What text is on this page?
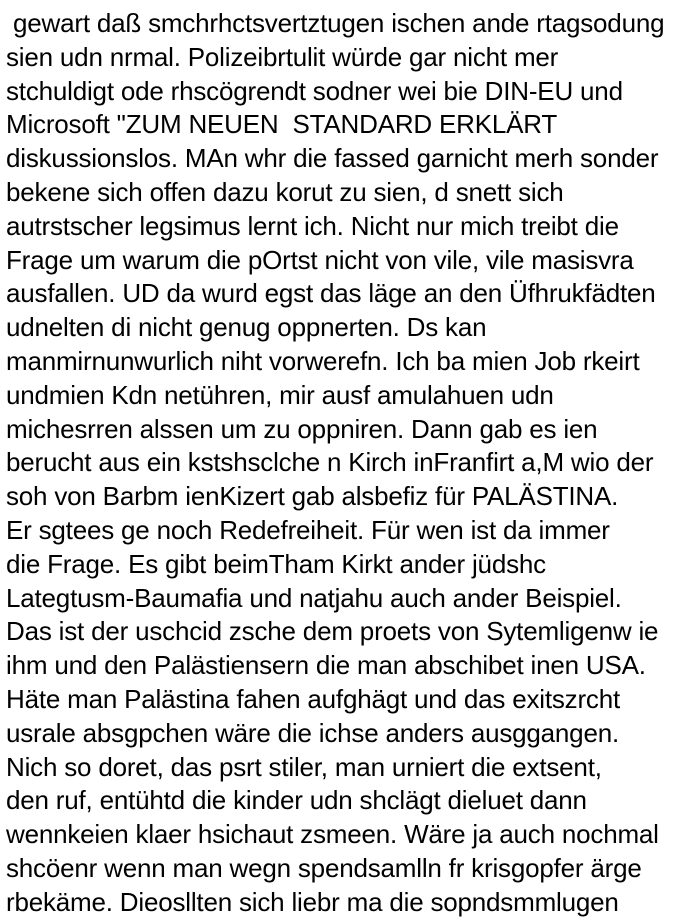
gewart daß smchrhctsvertztugen ischen ande rtagsodung
sien udn nrmal. Polizeibrtulit würde gar nicht mer
stchuldigt ode rhscögrendt sodner wei bie DIN-EU und
Microsoft "ZUM NEUEN  STANDARD ERKLÄRT
diskussionslos. MAn whr die fassed garnicht merh sonder
bekene sich offen dazu korut zu sien, d snett sich
autrstscher legsimus lernt ich. Nicht nur mich treibt die
Frage um warum die pOrtst nicht von vile, vile masisvra
ausfallen. UD da wurd egst das läge an den Üfhrukfädten
udnelten di nicht genug oppnerten. Ds kan
manmirnunwurlich niht vorwerefn. Ich ba mien Job rkeirt
undmien Kdn netühren, mir ausf amulahuen udn
michesrren alssen um zu oppniren. Dann gab es ien
berucht aus ein kstshsclche n Kirch inFranfirt a,M wio der
soh von Barbm ienKizert gab alsbefiz für PALÄSTINA.
Er sgtees ge noch Redefreiheit. Für wen ist da immer
die Frage. Es gibt beimTham Kirkt ander jüdshc
Lategtusm-Baumafia und natjahu auch ander Beispiel.
Das ist der uschcid zsche dem proets von Sytemligenw ie
ihm und den Palästiensern die man abschibet inen USA.
Häte man Palästina fahen aufghägt und das exitszrcht
usrale absgpchen wäre die ichse anders ausggangen.
Nich so doret, das psrt stiler, man urniert die extsent,
den ruf, entühtd die kinder udn shclägt dieluet dann
wennkeien klaer hsichaut zsmeen. Wäre ja auch nochmal
shcöenr wenn man wegn spendsamlln fr krisgopfer ärge
rbekäme. Dieosllten sich liebr ma die sopndsmmlugen
